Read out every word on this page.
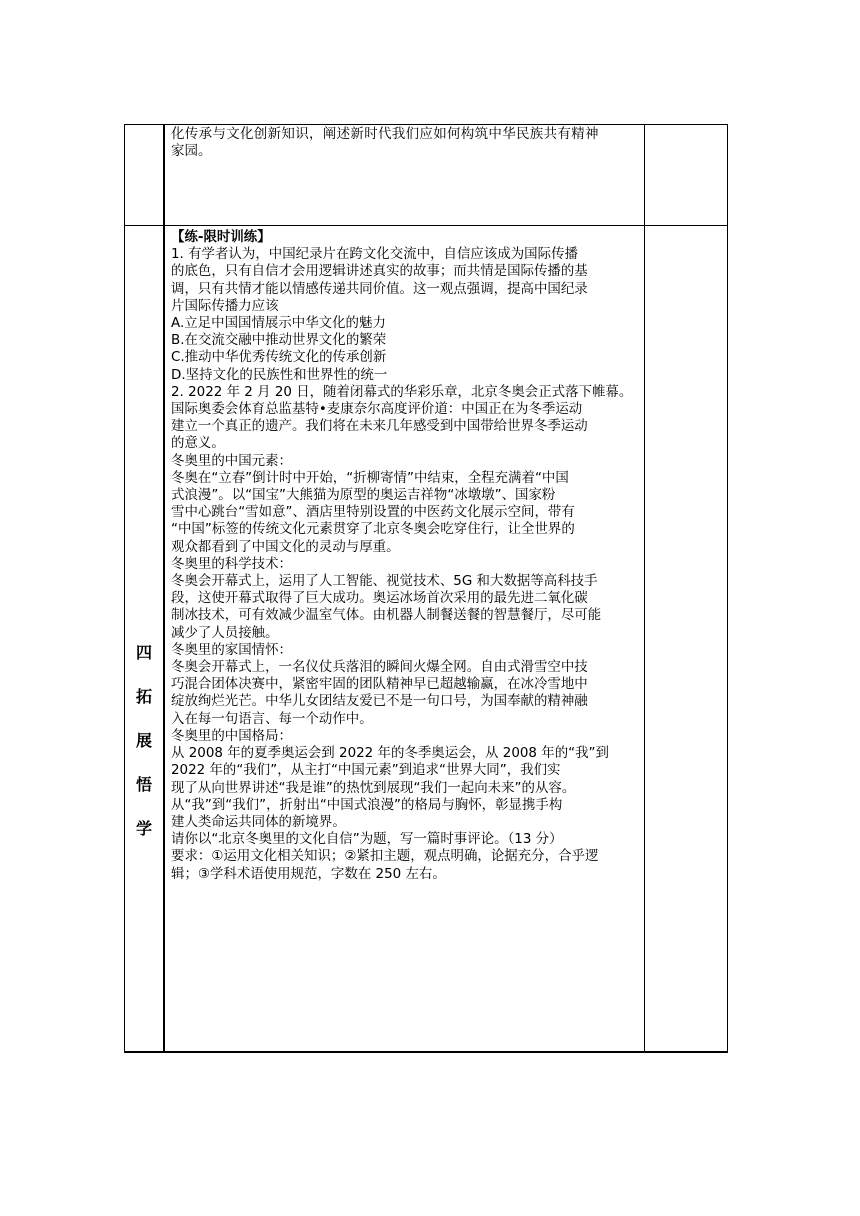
化传承与文化创新知识，阐述新时代我们应如何构筑中华民族共有精神

家园。

四
拓
展
悟
学

【练-限时训练】

1. 有学者认为，中国纪录片在跨文化交流中，自信应该成为国际传播

的底色，只有自信才会用逻辑讲述真实的故事；而共情是国际传播的基

调，只有共情才能以情感传递共同价值。这一观点强调，提高中国纪录

片国际传播力应该

A.立足中国国情展示中华文化的魅力

B.在交流交融中推动世界文化的繁荣

C.推动中华优秀传统文化的传承创新

D.坚持文化的民族性和世界性的统一

2. 2022 年 2 月 20 日，随着闭幕式的华彩乐章，北京冬奥会正式落下帷幕。

国际奥委会体育总监基特•麦康奈尔高度评价道：中国正在为冬季运动

建立一个真正的遗产。我们将在未来几年感受到中国带给世界冬季运动

的意义。

冬奥里的中国元素：

冬奥在“立春”倒计时中开始，“折柳寄情”中结束，全程充满着“中国

式浪漫”。以“国宝”大熊猫为原型的奥运吉祥物“冰墩墩”、国家粉

雪中心跳台“雪如意”、酒店里特别设置的中医药文化展示空间，带有

“中国”标签的传统文化元素贯穿了北京冬奥会吃穿住行，让全世界的

观众都看到了中国文化的灵动与厚重。

冬奥里的科学技术：

冬奥会开幕式上，运用了人工智能、视觉技术、5G 和大数据等高科技手

段，这使开幕式取得了巨大成功。奥运冰场首次采用的最先进二氧化碳

制冰技术，可有效减少温室气体。由机器人制餐送餐的智慧餐厅，尽可能

减少了人员接触。

冬奥里的家国情怀：

冬奥会开幕式上，一名仪仗兵落泪的瞬间火爆全网。自由式滑雪空中技

巧混合团体决赛中，紧密牢固的团队精神早已超越输赢，在冰冷雪地中

绽放绚烂光芒。中华儿女团结友爱已不是一句口号，为国奉献的精神融

入在每一句语言、每一个动作中。

冬奥里的中国格局：

从 2008 年的夏季奥运会到 2022 年的冬季奥运会，从 2008 年的“我”到

2022 年的“我们”，从主打“中国元素”到追求“世界大同”，我们实

现了从向世界讲述“我是谁”的热忱到展现“我们一起向未来”的从容。

从“我”到“我们”，折射出“中国式浪漫”的格局与胸怀，彰显携手构

建人类命运共同体的新境界。

请你以“北京冬奥里的文化自信”为题，写一篇时事评论。（13 分）

要求：①运用文化相关知识；②紧扣主题，观点明确，论据充分，合乎逻

辑；③学科术语使用规范，字数在 250 左右。
